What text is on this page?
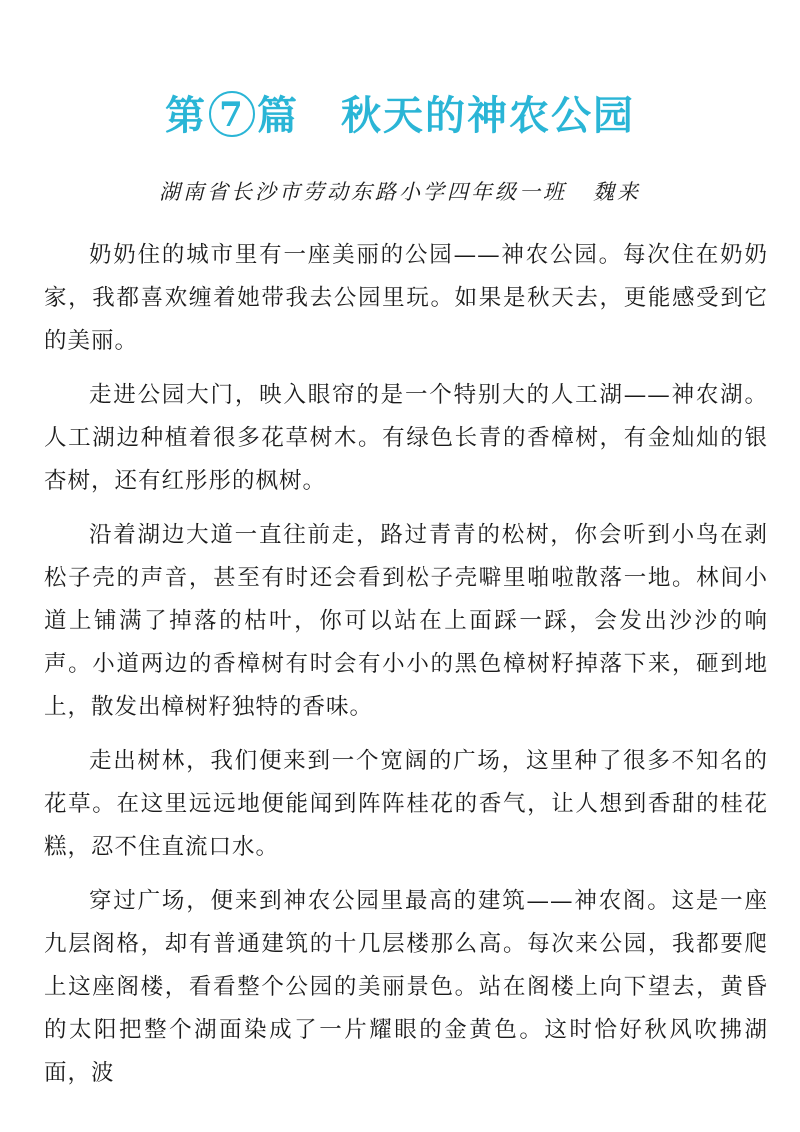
第 7 篇 秋天的神农公园
湖南省长沙市劳动东路小学四年级一班 魏来

奶奶住的城市里有一座美丽的公园——神农公园。每次住在奶奶家，我都喜欢缠着她带我去公园里玩。如果是秋天去，更能感受到它的美丽。

走进公园大门，映入眼帘的是一个特别大的人工湖——神农湖。人工湖边种植着很多花草树木。有绿色长青的香樟树，有金灿灿的银杏树，还有红彤彤的枫树。

沿着湖边大道一直往前走，路过青青的松树，你会听到小鸟在剥松子壳的声音，甚至有时还会看到松子壳噼里啪啦散落一地。林间小道上铺满了掉落的枯叶，你可以站在上面踩一踩，会发出沙沙的响声。小道两边的香樟树有时会有小小的黑色樟树籽掉落下来，砸到地上，散发出樟树籽独特的香味。

走出树林，我们便来到一个宽阔的广场，这里种了很多不知名的花草。在这里远远地便能闻到阵阵桂花的香气，让人想到香甜的桂花糕，忍不住直流口水。

穿过广场，便来到神农公园里最高的建筑——神农阁。这是一座九层阁格，却有普通建筑的十几层楼那么高。每次来公园，我都要爬上这座阁楼，看看整个公园的美丽景色。站在阁楼上向下望去，黄昏的太阳把整个湖面染成了一片耀眼的金黄色。这时恰好秋风吹拂湖面，波
